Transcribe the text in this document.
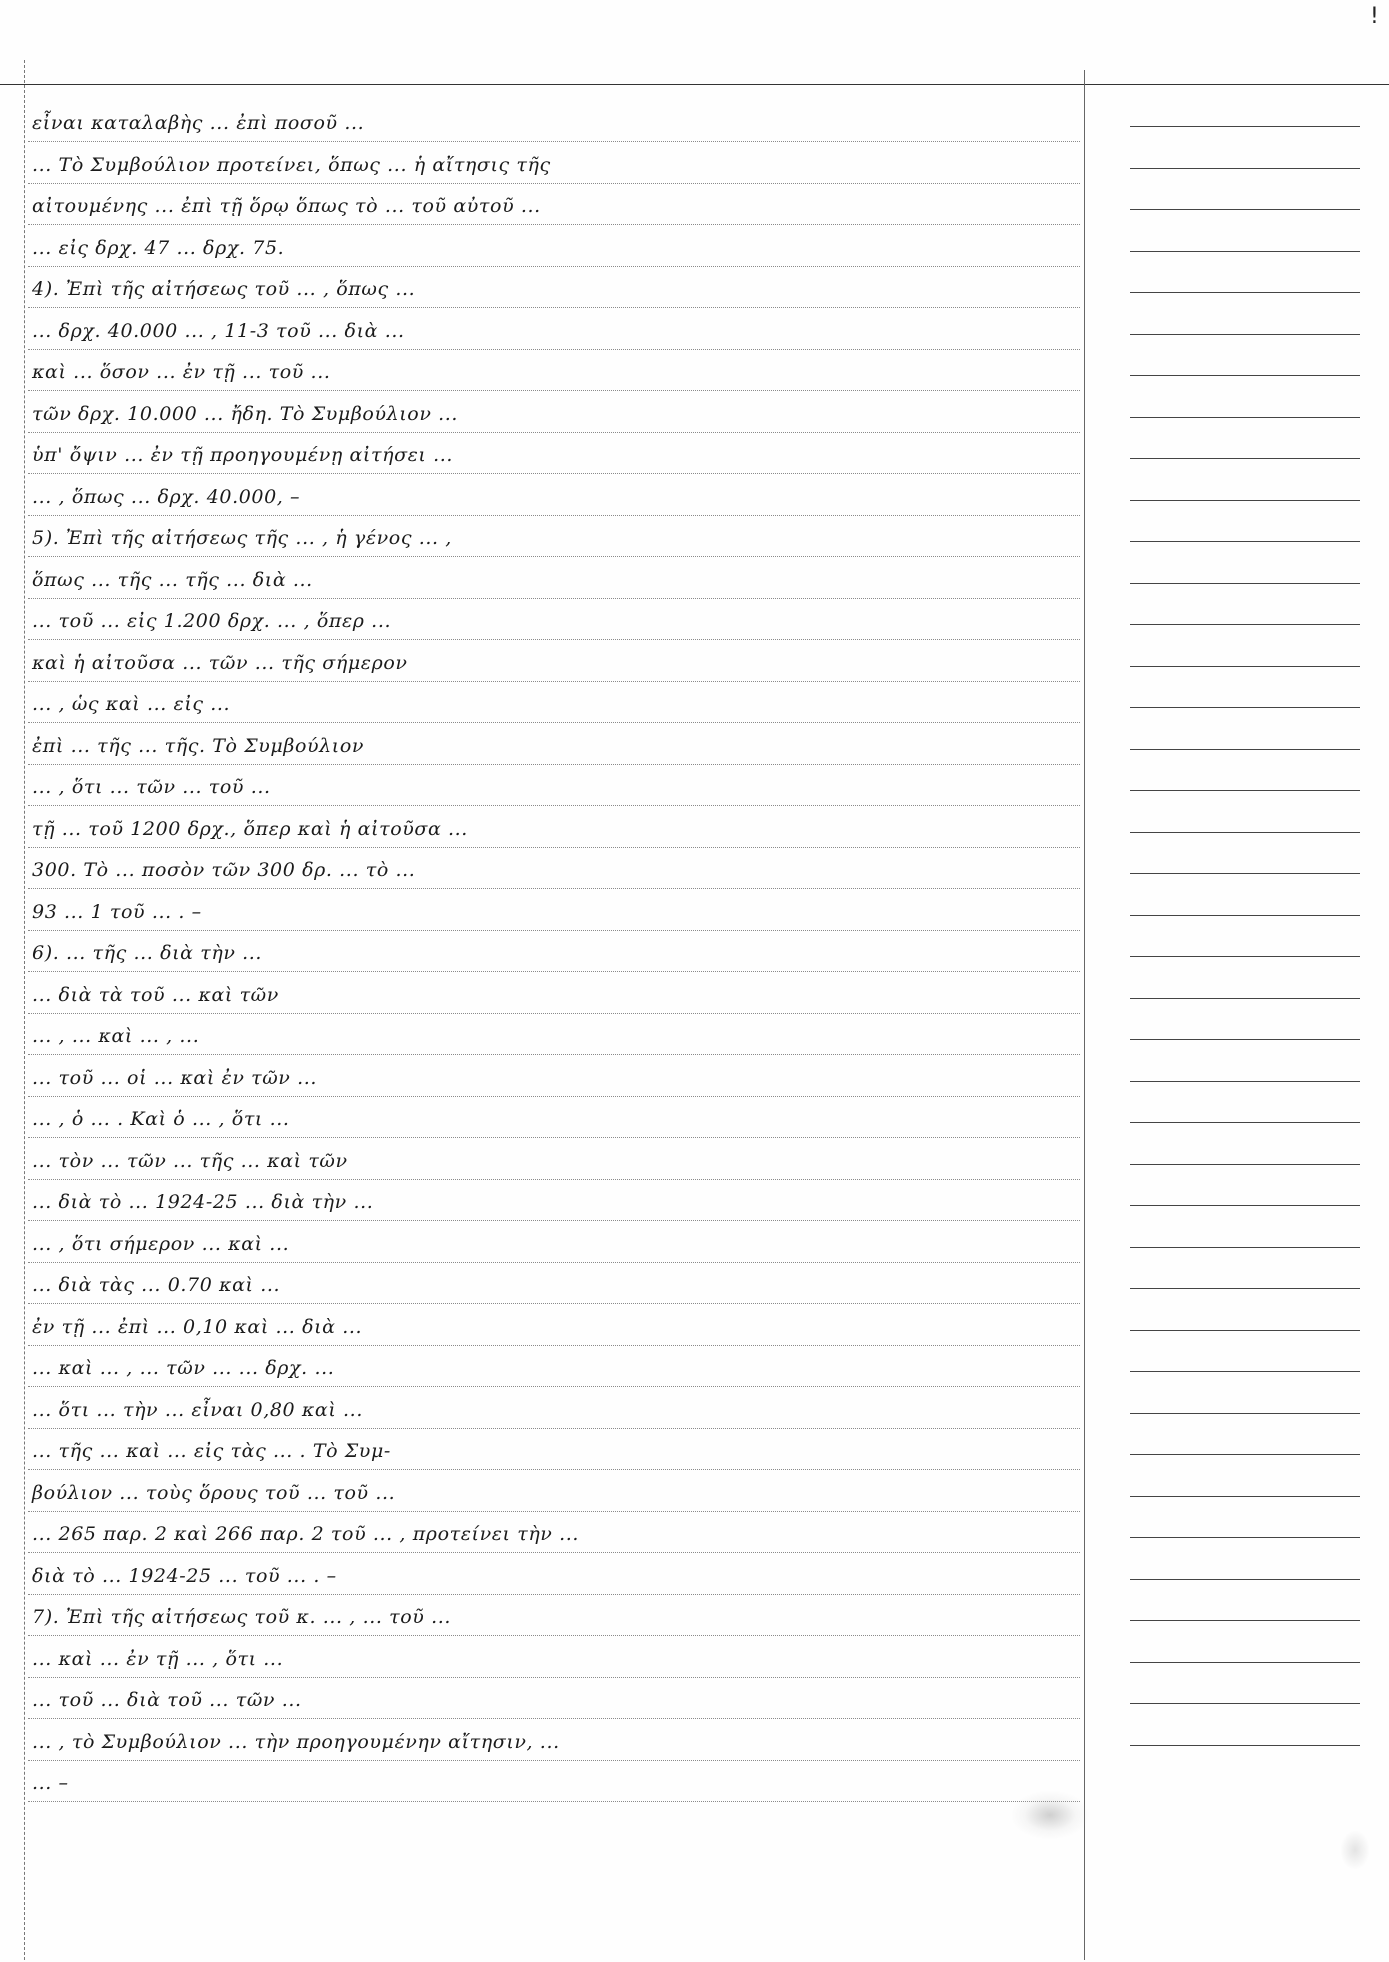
!
εἶναι καταλαβὴς ... ἐπὶ ποσοῦ ...
... Τὸ Συμβούλιον προτείνει, ὅπως ... ἡ αἴτησις τῆς
αἰτουμένης ... ἐπὶ τῇ ὅρῳ ὅπως τὸ ... τοῦ αὐτοῦ ...
... εἰς δρχ. 47 ... δρχ. 75.
4). Ἐπὶ τῆς αἰτήσεως τοῦ ... , ὅπως ...
... δρχ. 40.000 ... , 11-3 τοῦ ... διὰ ...
καὶ ... ὅσον ... ἐν τῇ ... τοῦ ...
τῶν δρχ. 10.000 ... ἤδη. Τὸ Συμβούλιον ...
ὑπ' ὄψιν ... ἐν τῇ προηγουμένῃ αἰτήσει ...
... , ὅπως ... δρχ. 40.000, –
5). Ἐπὶ τῆς αἰτήσεως τῆς ... , ἡ γένος ... ,
ὅπως ... τῆς ... τῆς ... διὰ ...
... τοῦ ... εἰς 1.200 δρχ. ... , ὅπερ ...
καὶ ἡ αἰτοῦσα ... τῶν ... τῆς σήμερον
... , ὡς καὶ ... εἰς ...
ἐπὶ ... τῆς ... τῆς. Τὸ Συμβούλιον
... , ὅτι ... τῶν ... τοῦ ...
τῇ ... τοῦ 1200 δρχ., ὅπερ καὶ ἡ αἰτοῦσα ...
300. Τὸ ... ποσὸν τῶν 300 δρ. ... τὸ ...
93 ... 1 τοῦ ... . –
6). ... τῆς ... διὰ τὴν ...
... διὰ τὰ τοῦ ... καὶ τῶν
... , ... καὶ ... , ...
... τοῦ ... οἱ ... καὶ ἐν τῶν ...
... , ὁ ... . Καὶ ὁ ... , ὅτι ...
... τὸν ... τῶν ... τῆς ... καὶ τῶν
... διὰ τὸ ... 1924-25 ... διὰ τὴν ...
... , ὅτι σήμερον ... καὶ ...
... διὰ τὰς ... 0.70 καὶ ...
ἐν τῇ ... ἐπὶ ... 0,10 καὶ ... διὰ ...
... καὶ ... , ... τῶν ... ... δρχ. ...
... ὅτι ... τὴν ... εἶναι 0,80 καὶ ...
... τῆς ... καὶ ... εἰς τὰς ... . Τὸ Συμ-
βούλιον ... τοὺς ὅρους τοῦ ... τοῦ ...
... 265 παρ. 2 καὶ 266 παρ. 2 τοῦ ... , προτείνει τὴν ...
διὰ τὸ ... 1924-25 ... τοῦ ... . –
7). Ἐπὶ τῆς αἰτήσεως τοῦ κ. ... , ... τοῦ ...
... καὶ ... ἐν τῇ ... , ὅτι ...
... τοῦ ... διὰ τοῦ ... τῶν ...
... , τὸ Συμβούλιον ... τὴν προηγουμένην αἴτησιν, ...
... –
